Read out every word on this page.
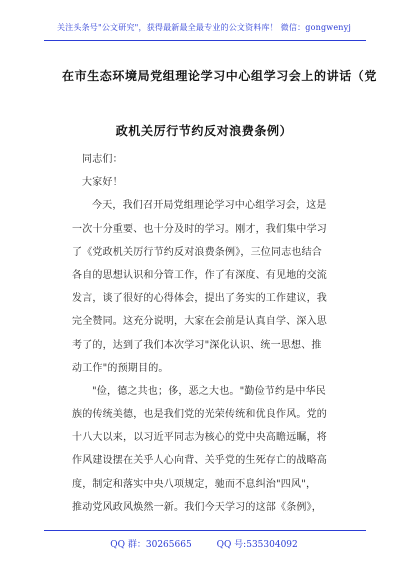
关注头条号"公文研究"，获得最新最全最专业的公文资料库！ 微信：gongwenyj
在市生态环境局党组理论学习中心组学习会上的讲话（党
政机关厉行节约反对浪费条例）
同志们：
大家好！
今天，我们召开局党组理论学习中心组学习会，这是
一次十分重要、也十分及时的学习。刚才，我们集中学习
了《党政机关厉行节约反对浪费条例》，三位同志也结合
各自的思想认识和分管工作，作了有深度、有见地的交流
发言，谈了很好的心得体会，提出了务实的工作建议，我
完全赞同。这充分说明，大家在会前是认真自学、深入思
考了的，达到了我们本次学习"深化认识、统一思想、推
动工作"的预期目的。
"俭，德之共也；侈，恶之大也。"勤俭节约是中华民
族的传统美德，也是我们党的光荣传统和优良作风。党的
十八大以来，以习近平同志为核心的党中央高瞻远瞩，将
作风建设摆在关乎人心向背、关乎党的生死存亡的战略高
度，制定和落实中央八项规定，驰而不息纠治"四风"，
推动党风政风焕然一新。我们今天学习的这部《条例》，
QQ 群：30265665	QQ 号:535304092
